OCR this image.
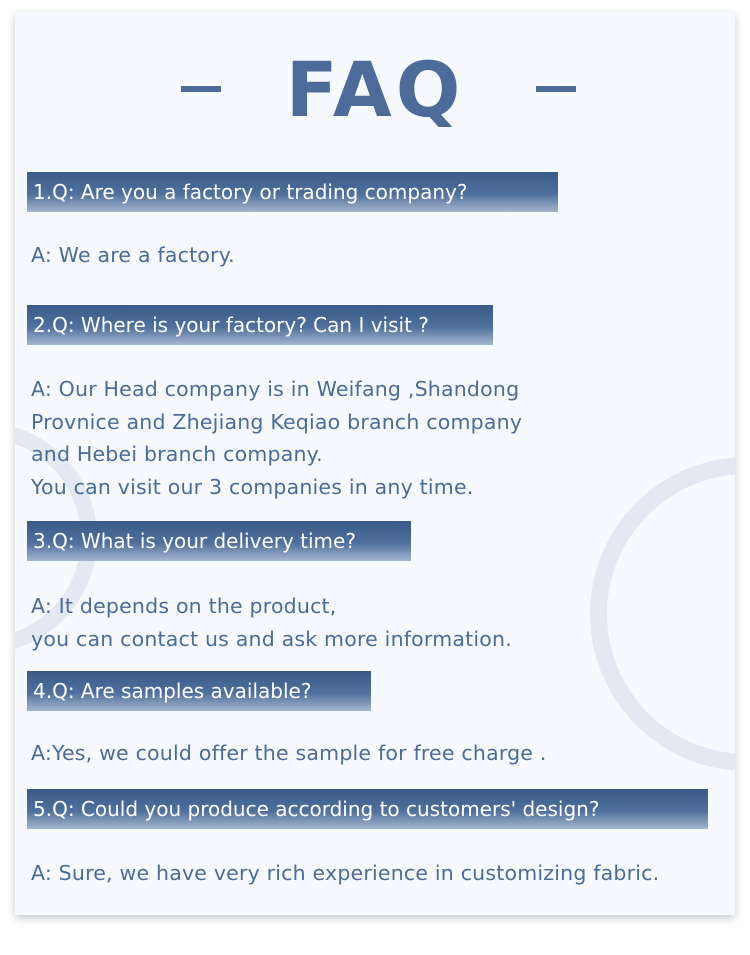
FAQ
1.Q: Are you a factory or trading company?
A: We are a factory.
2.Q: Where is your factory? Can I visit ?
A: Our Head company is in Weifang ,Shandong
Provnice and Zhejiang Keqiao branch company
and Hebei branch company.
You can visit our 3 companies in any time.
3.Q: What is your delivery time?
A: It depends on the product,
you can contact us and ask more information.
4.Q: Are samples available?
A:Yes, we could offer the sample for free charge .
5.Q: Could you produce according to customers' design?
A: Sure, we have very rich experience in customizing fabric.
